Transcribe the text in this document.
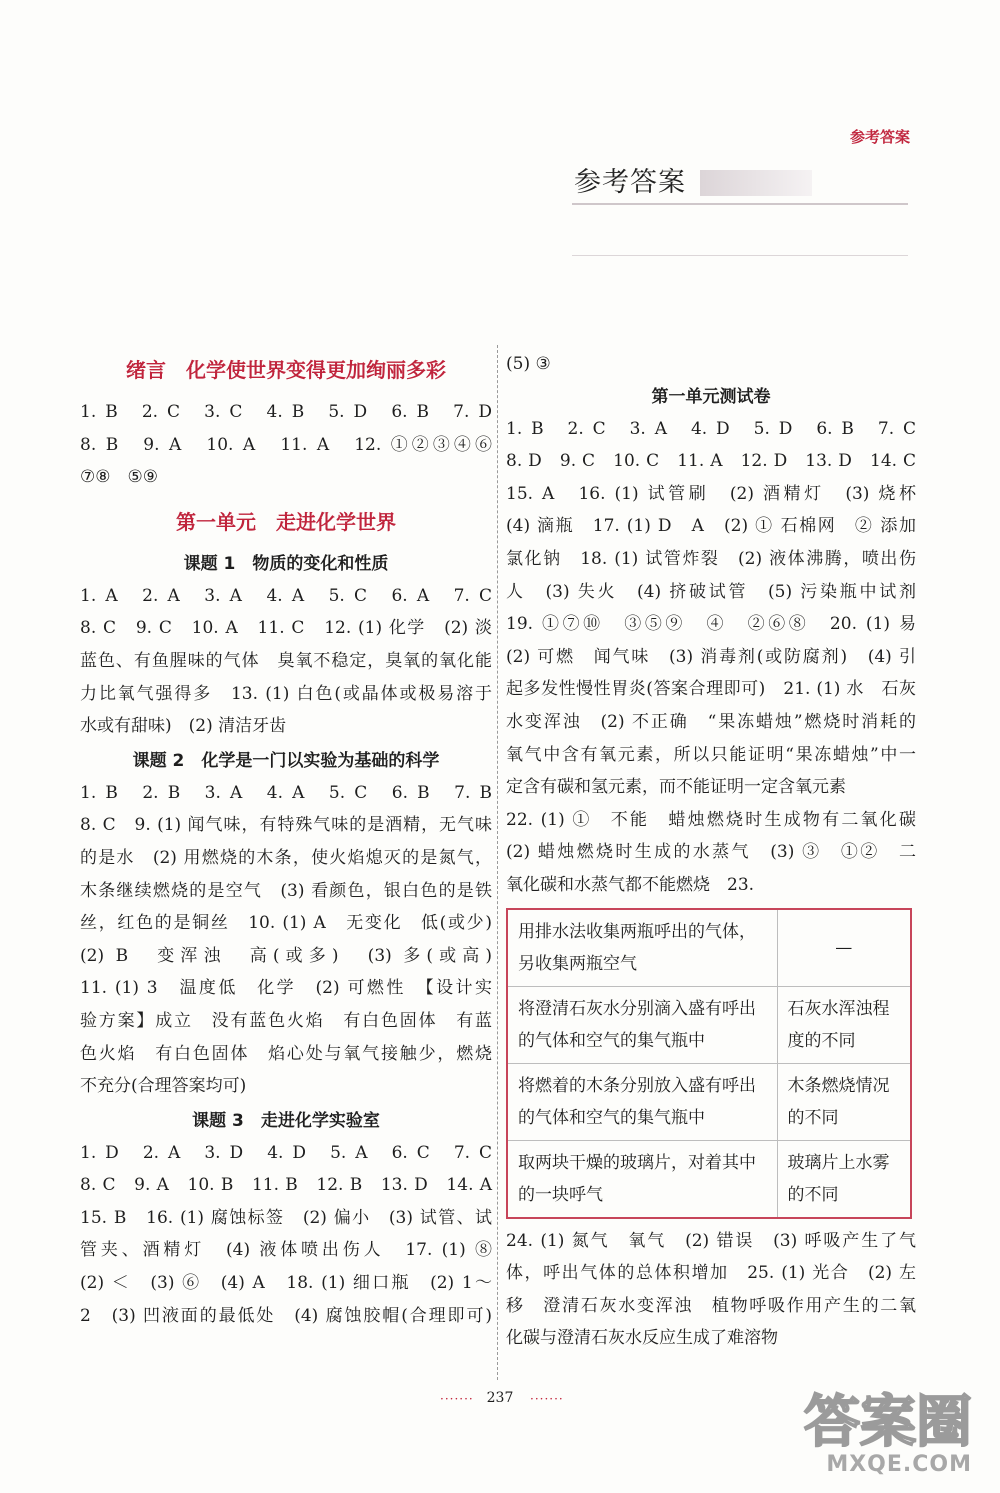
参考答案
参考答案
绪言　化学使世界变得更加绚丽多彩

1. B　2. C　3. C　4. B　5. D　6. B　7. D

8. B　9. A　10. A　11. A　12. ①②③④⑥

⑦⑧　⑤⑨

第一单元　走进化学世界
课题 1　物质的变化和性质

1. A　2. A　3. A　4. A　5. C　6. A　7. C

8. C　9. C　10. A　11. C　12. (1) 化学　(2) 淡

蓝色、有鱼腥味的气体　臭氧不稳定，臭氧的氧化能

力比氧气强得多　13. (1) 白色(或晶体或极易溶于

水或有甜味)　(2) 清洁牙齿

课题 2　化学是一门以实验为基础的科学

1. B　2. B　3. A　4. A　5. C　6. B　7. B

8. C　9. (1) 闻气味，有特殊气味的是酒精，无气味

的是水　(2) 用燃烧的木条，使火焰熄灭的是氮气，

木条继续燃烧的是空气　(3) 看颜色，银白色的是铁

丝，红色的是铜丝　10. (1) A　无变化　低(或少)

(2) B　变浑浊　高(或多)　(3) 多(或高)

11. (1) 3　温度低　化学　(2) 可燃性　【设计实

验方案】成立　没有蓝色火焰　有白色固体　有蓝

色火焰　有白色固体　焰心处与氧气接触少，燃烧

不充分(合理答案均可)

课题 3　走进化学实验室

1. D　2. A　3. D　4. D　5. A　6. C　7. C

8. C　9. A　10. B　11. B　12. B　13. D　14. A

15. B　16. (1) 腐蚀标签　(2) 偏小　(3) 试管、试

管夹、酒精灯　(4) 液体喷出伤人　17. (1) ⑧

(2) ＜　(3) ⑥　(4) A　18. (1) 细口瓶　(2) 1～

2　(3) 凹液面的最低处　(4) 腐蚀胶帽(合理即可)

(5) ③

第一单元测试卷

1. B　2. C　3. A　4. D　5. D　6. B　7. C

8. D　9. C　10. C　11. A　12. D　13. D　14. C

15. A　16. (1) 试管刷　(2) 酒精灯　(3) 烧杯

(4) 滴瓶　17. (1) D　A　(2) ① 石棉网　② 添加

氯化钠　18. (1) 试管炸裂　(2) 液体沸腾，喷出伤

人　(3) 失火　(4) 挤破试管　(5) 污染瓶中试剂

19. ①⑦⑩　③⑤⑨　④　②⑥⑧　20. (1) 易

(2) 可燃　闻气味　(3) 消毒剂(或防腐剂)　(4) 引

起多发性慢性胃炎(答案合理即可)　21. (1) 水　石灰

水变浑浊　(2) 不正确　“果冻蜡烛”燃烧时消耗的

氧气中含有氧元素，所以只能证明“果冻蜡烛”中一

定含有碳和氢元素，而不能证明一定含氧元素

22. (1) ①　不能　蜡烛燃烧时生成物有二氧化碳

(2) 蜡烛燃烧时生成的水蒸气　(3) ③　①②　二

氧化碳和水蒸气都不能燃烧　23.

用排水法收集两瓶呼出的气体，另收集两瓶空气	—
将澄清石灰水分别滴入盛有呼出的气体和空气的集气瓶中	石灰水浑浊程度的不同
将燃着的木条分别放入盛有呼出的气体和空气的集气瓶中	木条燃烧情况的不同
取两块干燥的玻璃片，对着其中的一块呼气	玻璃片上水雾的不同

24. (1) 氮气　氧气　(2) 错误　(3) 呼吸产生了气

体，呼出气体的总体积增加　25. (1) 光合　(2) 左

移　澄清石灰水变浑浊　植物呼吸作用产生的二氧

化碳与澄清石灰水反应生成了难溶物

······· 237	·······	答案圈
MXQE.COM
